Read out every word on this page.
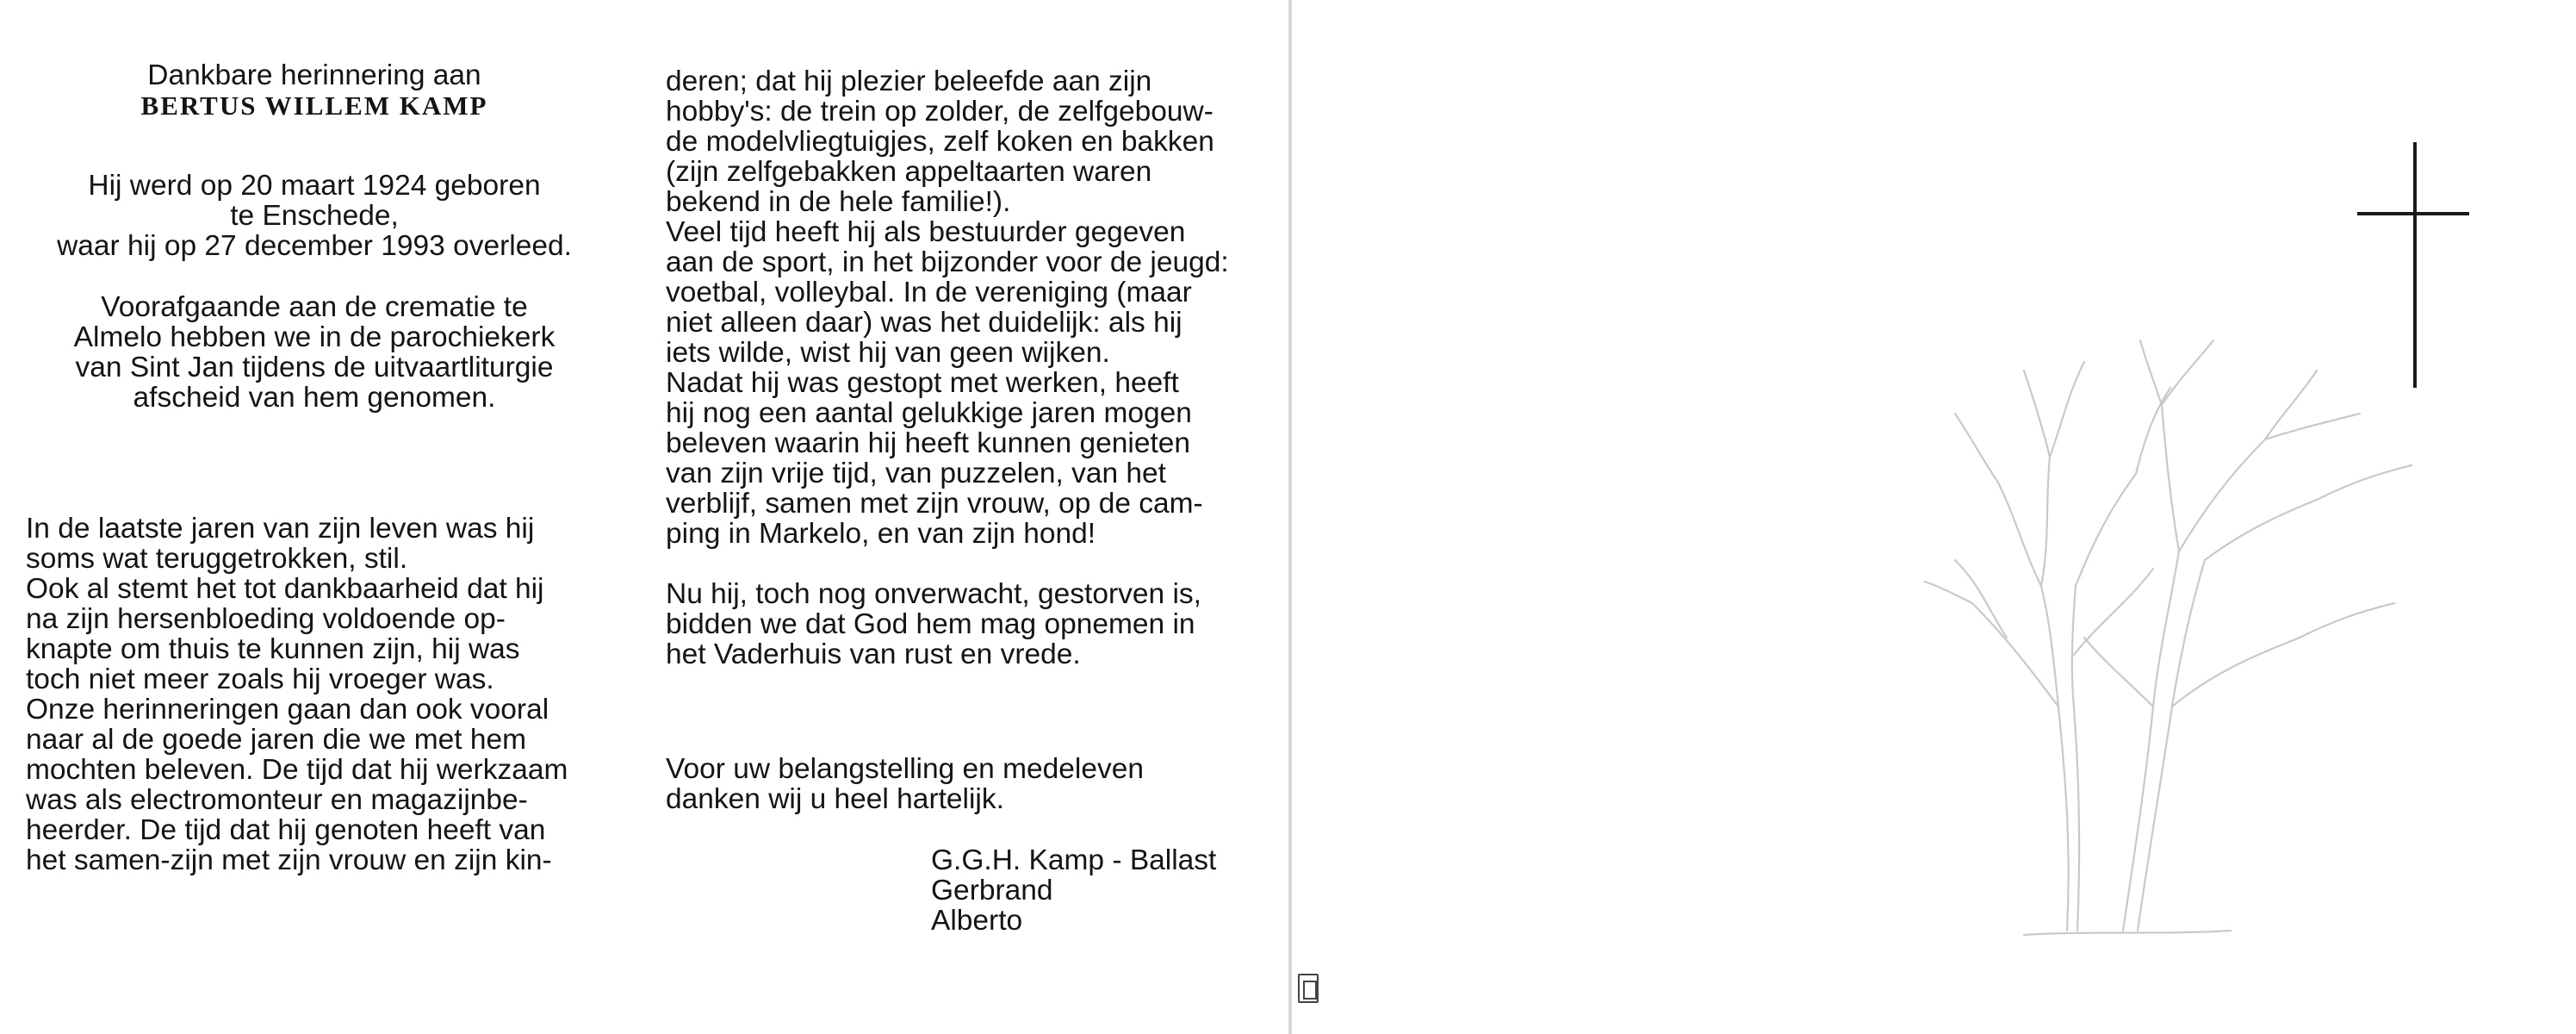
Dankbare herinnering aan

BERTUS WILLEM KAMP

Hij werd op 20 maart 1924 geboren

te Enschede,

waar hij op 27 december 1993 overleed.

Voorafgaande aan de crematie te

Almelo hebben we in de parochiekerk

van Sint Jan tijdens de uitvaartliturgie

afscheid van hem genomen.

In de laatste jaren van zijn leven was hij

soms wat teruggetrokken, stil.

Ook al stemt het tot dankbaarheid dat hij

na zijn hersenbloeding voldoende op-

knapte om thuis te kunnen zijn, hij was

toch niet meer zoals hij vroeger was.

Onze herinneringen gaan dan ook vooral

naar al de goede jaren die we met hem

mochten beleven. De tijd dat hij werkzaam

was als electromonteur en magazijnbe-

heerder. De tijd dat hij genoten heeft van

het samen-zijn met zijn vrouw en zijn kin-

deren; dat hij plezier beleefde aan zijn

hobby's: de trein op zolder, de zelfgebouw-

de modelvliegtuigjes, zelf koken en bakken

(zijn zelfgebakken appeltaarten waren

bekend in de hele familie!).

Veel tijd heeft hij als bestuurder gegeven

aan de sport, in het bijzonder voor de jeugd:

voetbal, volleybal. In de vereniging (maar

niet alleen daar) was het duidelijk: als hij

iets wilde, wist hij van geen wijken.

Nadat hij was gestopt met werken, heeft

hij nog een aantal gelukkige jaren mogen

beleven waarin hij heeft kunnen genieten

van zijn vrije tijd, van puzzelen, van het

verblijf, samen met zijn vrouw, op de cam-

ping in Markelo, en van zijn hond!

Nu hij, toch nog onverwacht, gestorven is,

bidden we dat God hem mag opnemen in

het Vaderhuis van rust en vrede.

Voor uw belangstelling en medeleven

danken wij u heel hartelijk.

G.G.H. Kamp - Ballast

Gerbrand

Alberto
